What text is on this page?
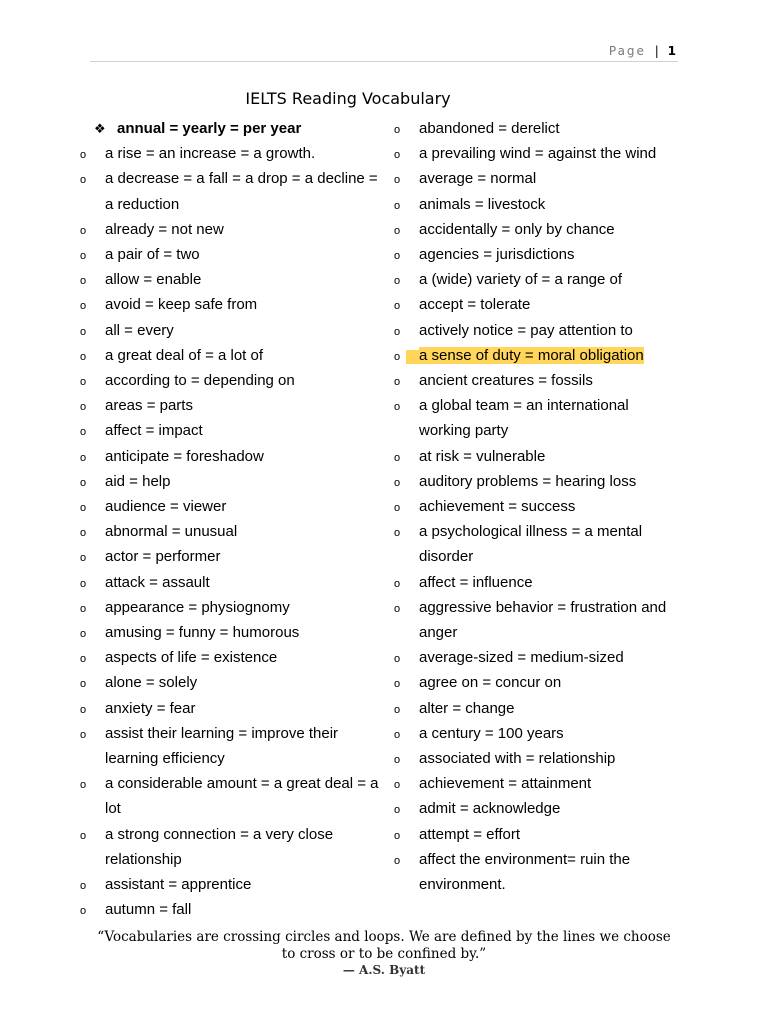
Page | 1
IELTS Reading Vocabulary
❖ annual = yearly = per year
o	a rise = an increase = a growth.
o	a decrease = a fall = a drop = a decline = a reduction
o	already = not new
o	a pair of = two
o	allow = enable
o	avoid = keep safe from
o	all = every
o	a great deal of = a lot of
o	according to = depending on
o	areas = parts
o	affect = impact
o	anticipate = foreshadow
o	aid = help
o	audience = viewer
o	abnormal = unusual
o	actor = performer
o	attack = assault
o	appearance = physiognomy
o	amusing = funny = humorous
o	aspects of life = existence
o	alone = solely
o	anxiety = fear
o	assist their learning = improve their learning efficiency
o	a considerable amount = a great deal = a lot
o	a strong connection = a very close relationship
o	assistant = apprentice
o	autumn = fall
o	abandoned = derelict
o	a prevailing wind = against the wind
o	average = normal
o	animals = livestock
o	accidentally = only by chance
o	agencies = jurisdictions
o	a (wide) variety of = a range of
o	accept = tolerate
o	actively notice = pay attention to
o	a sense of duty = moral obligation
o	ancient creatures = fossils
o	a global team = an international working party
o	at risk = vulnerable
o	auditory problems = hearing loss
o	achievement = success
o	a psychological illness = a mental disorder
o	affect = influence
o	aggressive behavior = frustration and anger
o	average-sized = medium-sized
o	agree on = concur on
o	alter = change
o	a century = 100 years
o	associated with = relationship
o	achievement = attainment
o	admit = acknowledge
o	attempt = effort
o	affect the environment= ruin the environment.
“Vocabularies are crossing circles and loops. We are defined by the lines we choose to cross or to be confined by.”
— A.S. Byatt
